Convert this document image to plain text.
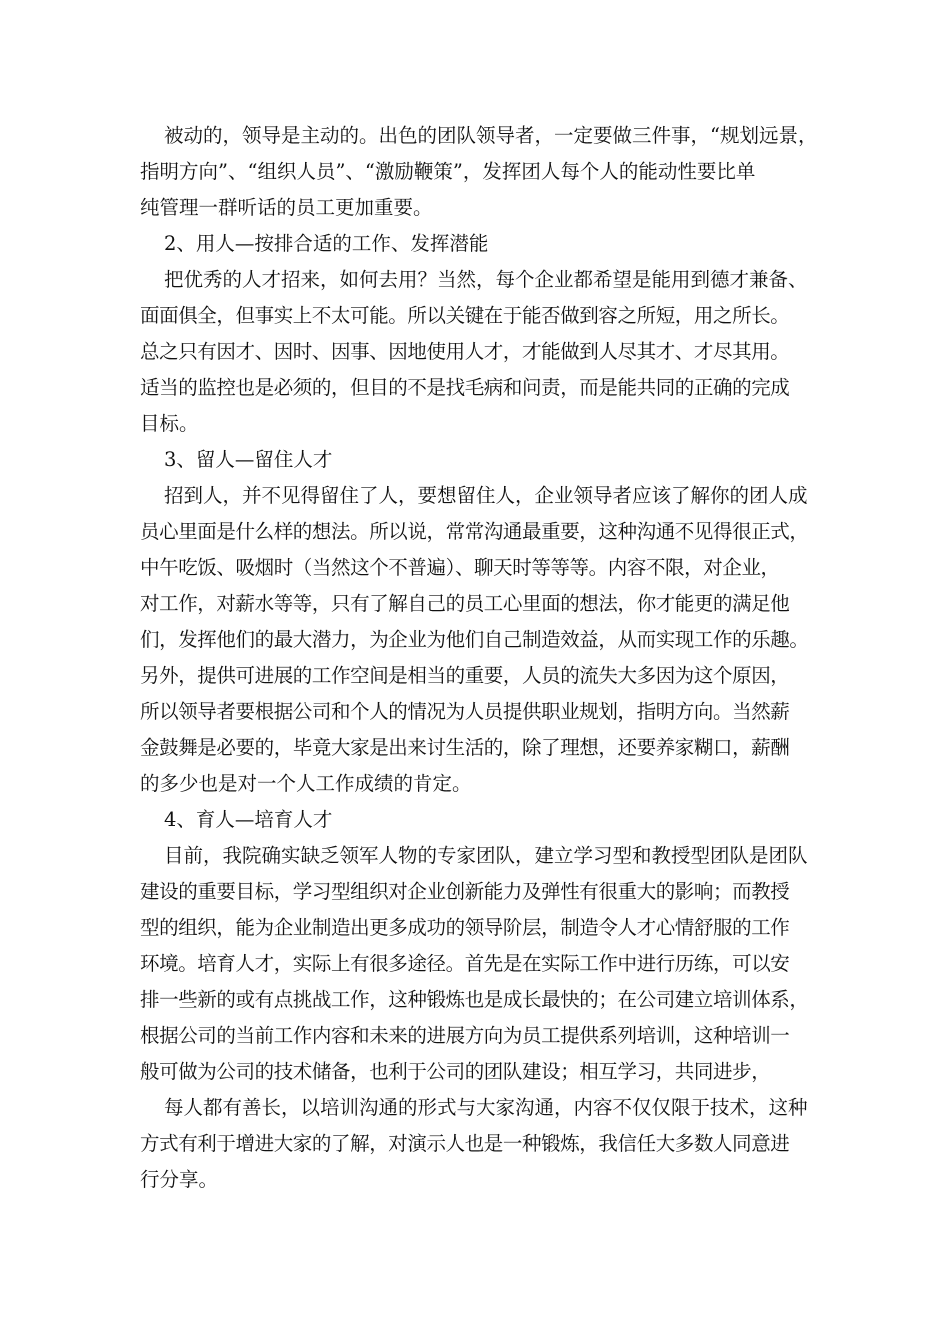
被动的，领导是主动的。出色的团队领导者，一定要做三件事，“规划远景，
指明方向”、“组织人员”、“激励鞭策”，发挥团人每个人的能动性要比单
纯管理一群听话的员工更加重要。
2、用人—按排合适的工作、发挥潜能
把优秀的人才招来，如何去用？当然，每个企业都希望是能用到德才兼备、
面面俱全，但事实上不太可能。所以关键在于能否做到容之所短，用之所长。
总之只有因才、因时、因事、因地使用人才，才能做到人尽其才、才尽其用。
适当的监控也是必须的，但目的不是找毛病和问责，而是能共同的正确的完成
目标。
3、留人—留住人才
招到人，并不见得留住了人，要想留住人，企业领导者应该了解你的团人成
员心里面是什么样的想法。所以说，常常沟通最重要，这种沟通不见得很正式，
中午吃饭、吸烟时（当然这个不普遍）、聊天时等等等。内容不限，对企业，
对工作，对薪水等等，只有了解自己的员工心里面的想法，你才能更的满足他
们，发挥他们的最大潜力，为企业为他们自己制造效益，从而实现工作的乐趣。
另外，提供可进展的工作空间是相当的重要，人员的流失大多因为这个原因，
所以领导者要根据公司和个人的情况为人员提供职业规划，指明方向。当然薪
金鼓舞是必要的，毕竟大家是出来讨生活的，除了理想，还要养家糊口，薪酬
的多少也是对一个人工作成绩的肯定。
4、育人—培育人才
目前，我院确实缺乏领军人物的专家团队，建立学习型和教授型团队是团队
建设的重要目标，学习型组织对企业创新能力及弹性有很重大的影响；而教授
型的组织，能为企业制造出更多成功的领导阶层，制造令人才心情舒服的工作
环境。培育人才，实际上有很多途径。首先是在实际工作中进行历练，可以安
排一些新的或有点挑战工作，这种锻炼也是成长最快的；在公司建立培训体系，
根据公司的当前工作内容和未来的进展方向为员工提供系列培训，这种培训一
般可做为公司的技术储备，也利于公司的团队建设；相互学习，共同进步，
每人都有善长，以培训沟通的形式与大家沟通，内容不仅仅限于技术，这种
方式有利于增进大家的了解，对演示人也是一种锻炼，我信任大多数人同意进
行分享。
